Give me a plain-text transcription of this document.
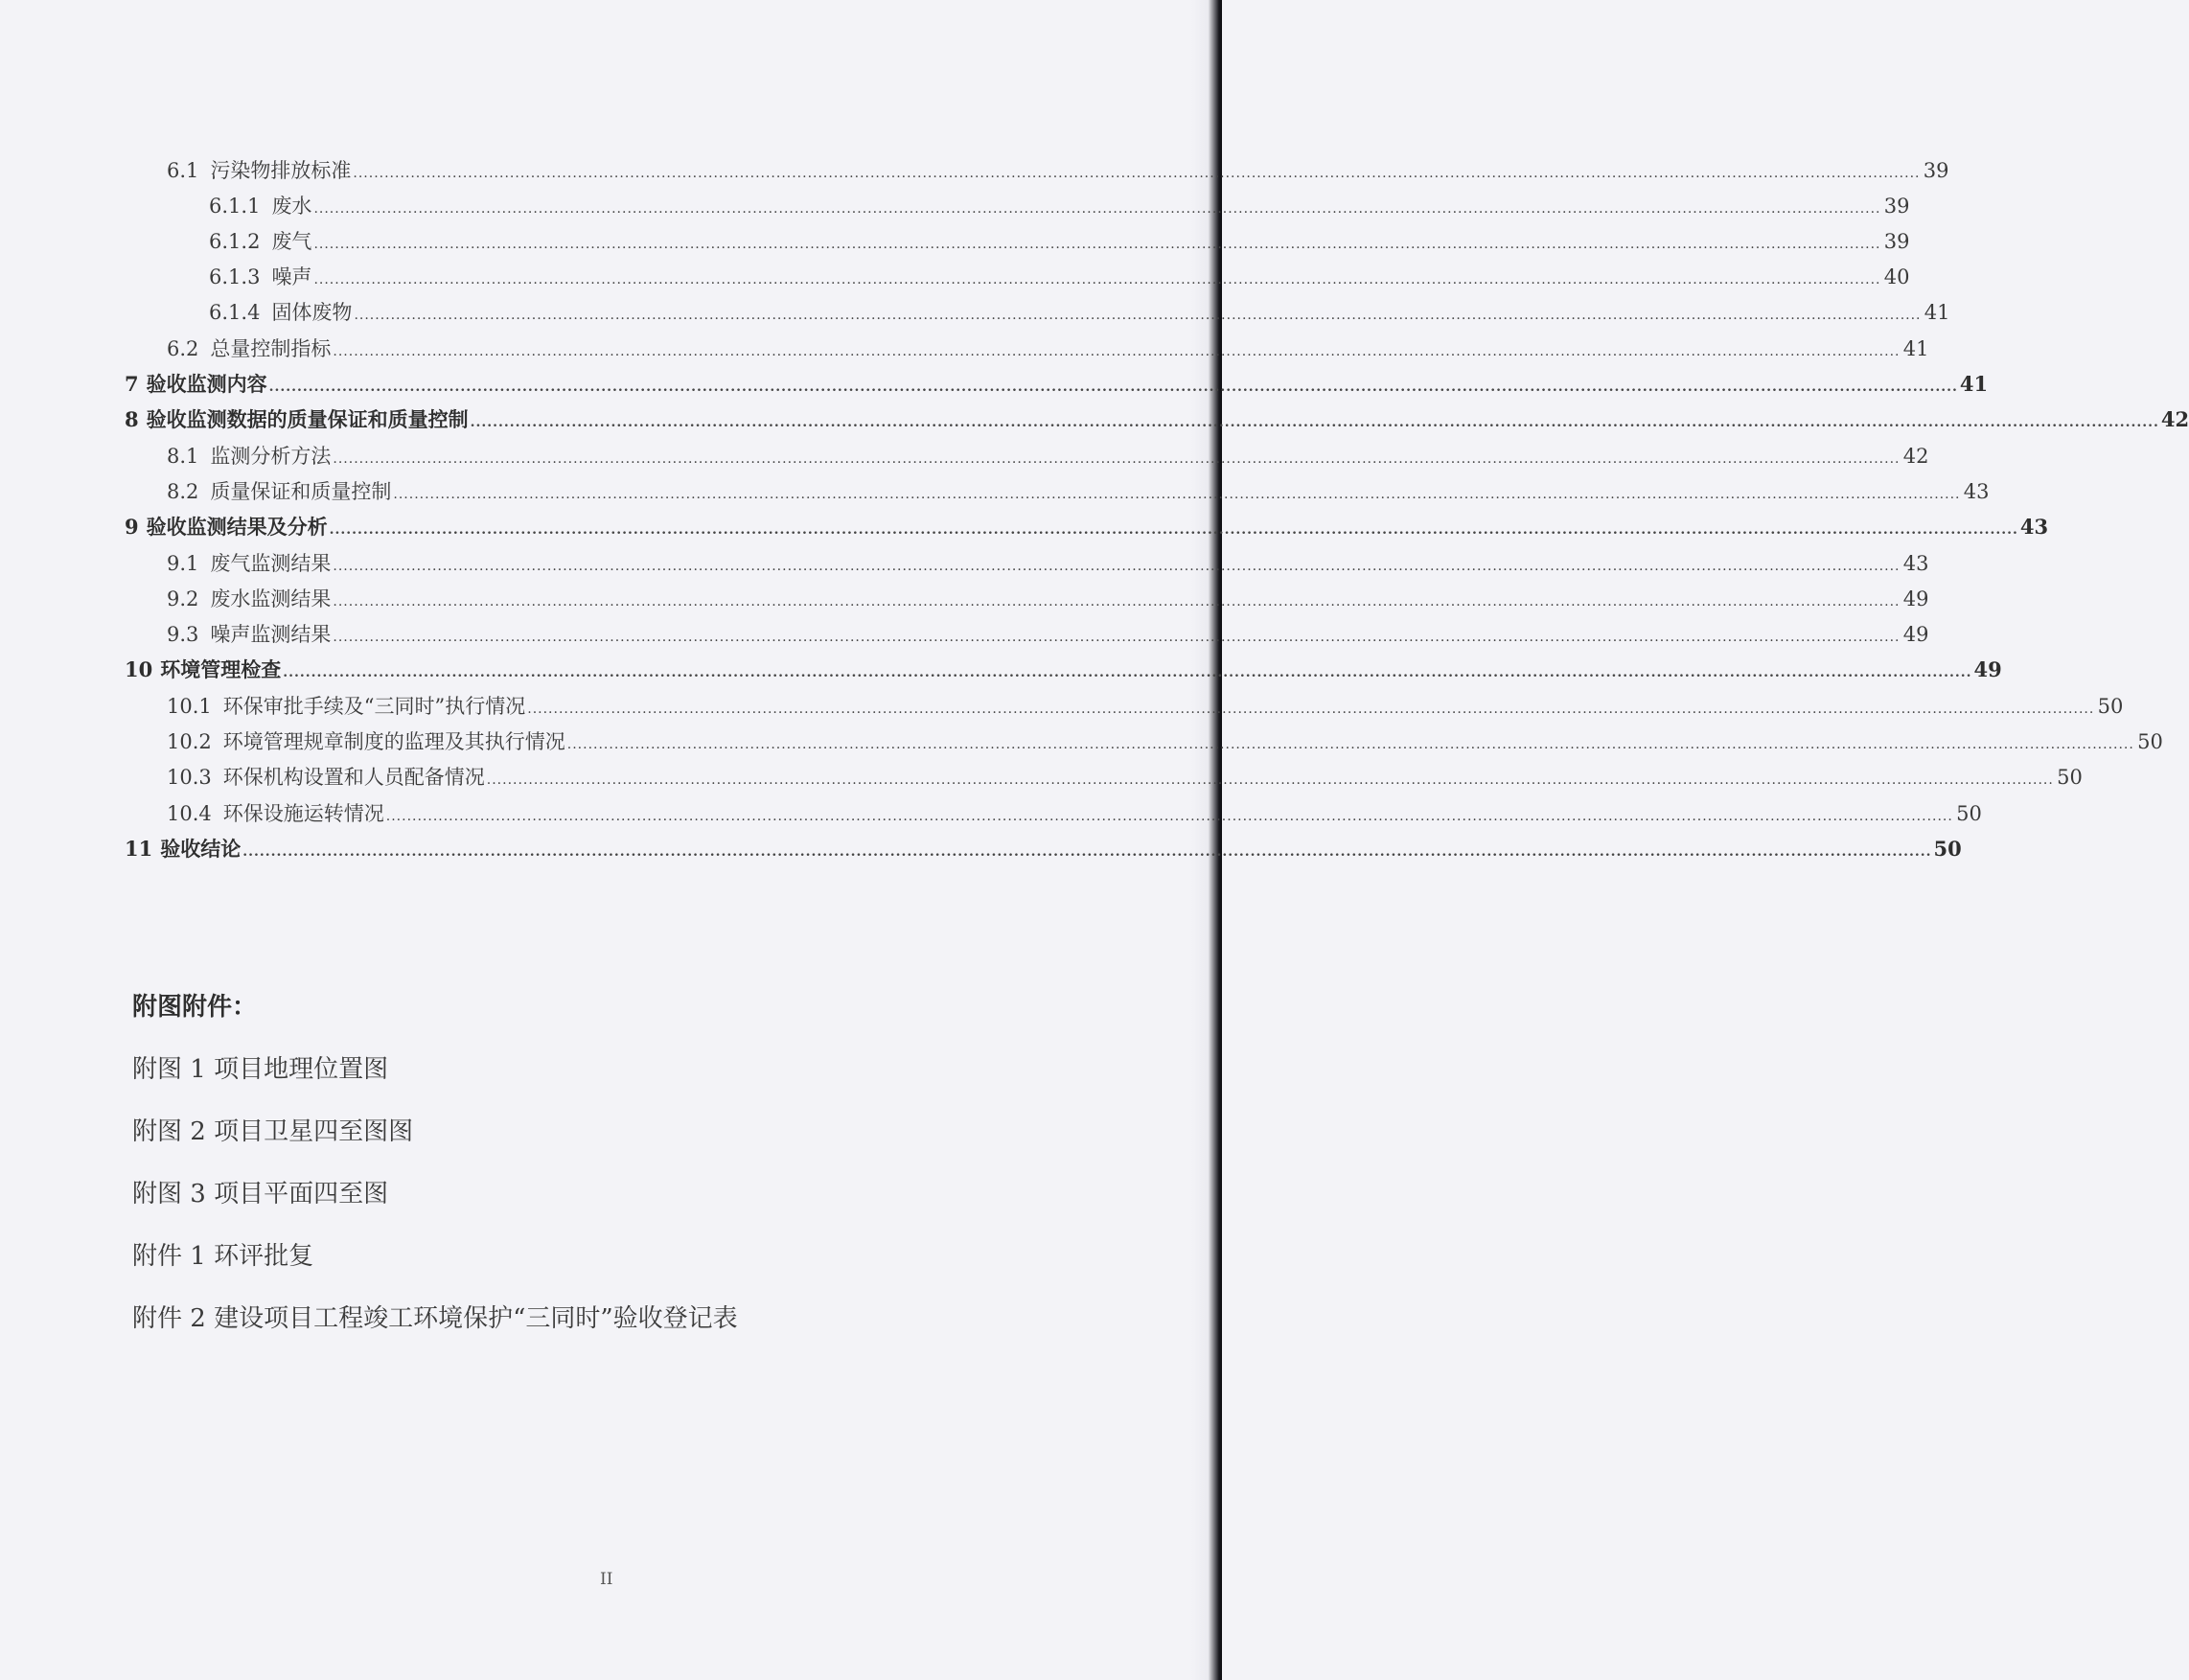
6.1 污染物排放标准 ............................................................................................................................................................................................................................................................................................................ 39
6.1.1 废水 ............................................................................................................................................................................................................................................................................................................ 39
6.1.2 废气 ............................................................................................................................................................................................................................................................................................................ 39
6.1.3 噪声 ............................................................................................................................................................................................................................................................................................................ 40
6.1.4 固体废物 ............................................................................................................................................................................................................................................................................................................ 41
6.2 总量控制指标 ............................................................................................................................................................................................................................................................................................................ 41
7 验收监测内容 ............................................................................................................................................................................................................................................................................................................ 41
8 验收监测数据的质量保证和质量控制 ............................................................................................................................................................................................................................................................................................................ 42
8.1 监测分析方法 ............................................................................................................................................................................................................................................................................................................ 42
8.2 质量保证和质量控制 ............................................................................................................................................................................................................................................................................................................ 43
9 验收监测结果及分析 ............................................................................................................................................................................................................................................................................................................ 43
9.1 废气监测结果 ............................................................................................................................................................................................................................................................................................................ 43
9.2 废水监测结果 ............................................................................................................................................................................................................................................................................................................ 49
9.3 噪声监测结果 ............................................................................................................................................................................................................................................................................................................ 49
10 环境管理检查 ............................................................................................................................................................................................................................................................................................................ 49
10.1 环保审批手续及“三同时”执行情况 ............................................................................................................................................................................................................................................................................................................ 50
10.2 环境管理规章制度的监理及其执行情况 ............................................................................................................................................................................................................................................................................................................ 50
10.3 环保机构设置和人员配备情况 ............................................................................................................................................................................................................................................................................................................ 50
10.4 环保设施运转情况 ............................................................................................................................................................................................................................................................................................................ 50
11 验收结论 ............................................................................................................................................................................................................................................................................................................ 50
附图附件：
附图 1 项目地理位置图
附图 2 项目卫星四至图图
附图 3 项目平面四至图
附件 1 环评批复
附件 2 建设项目工程竣工环境保护“三同时”验收登记表
II
